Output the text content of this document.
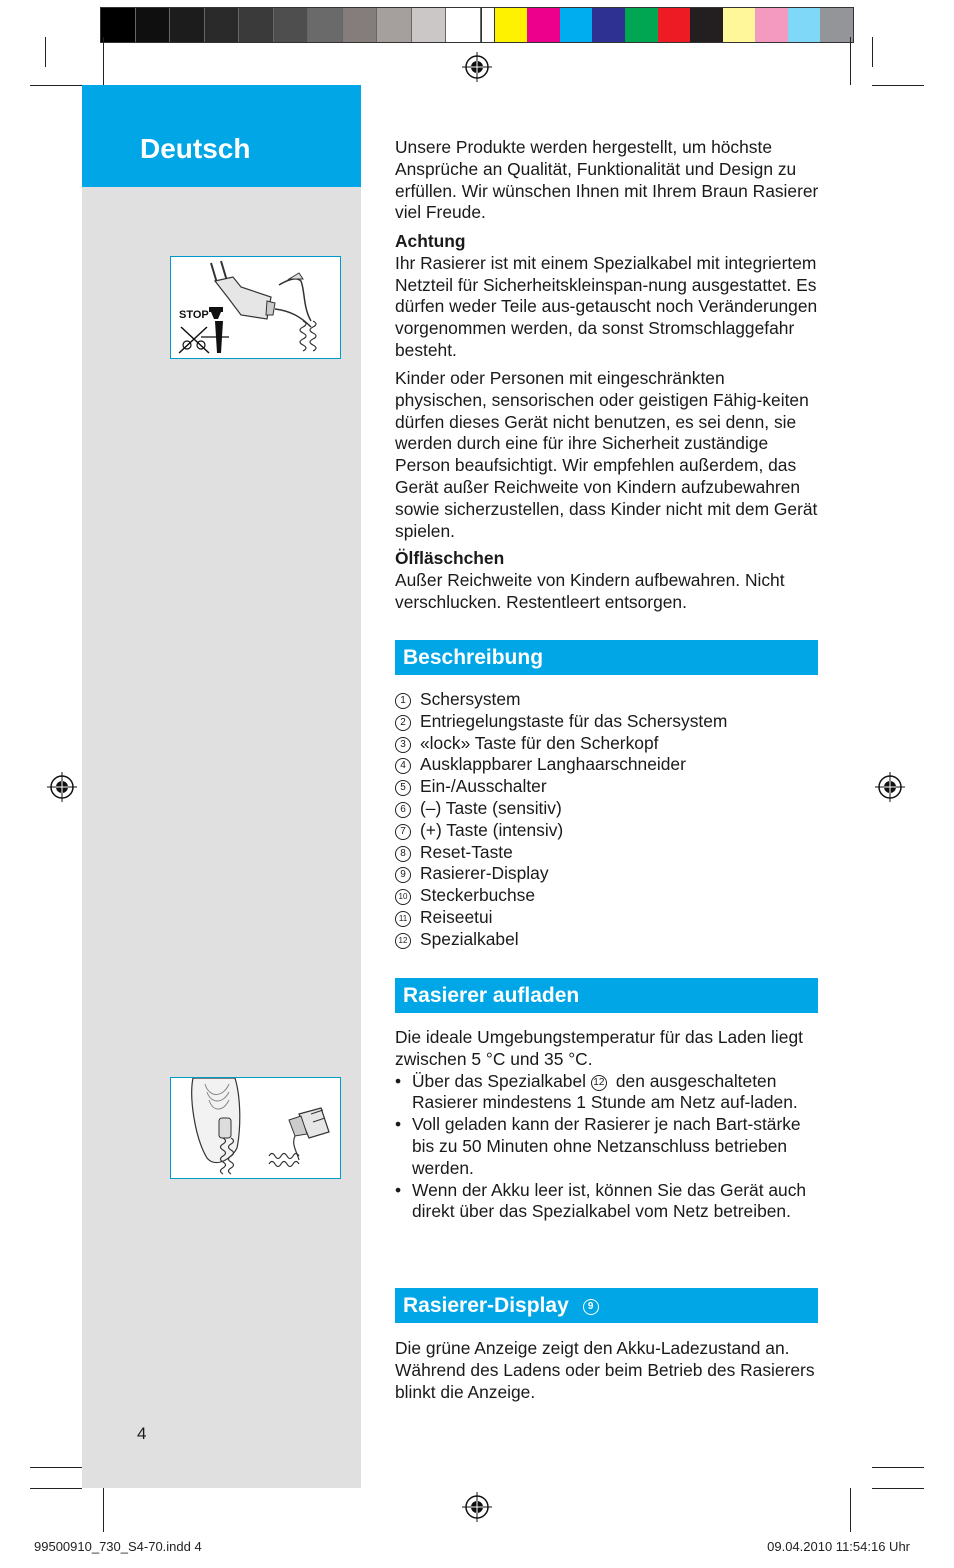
Deutsch
STOP

Unsere Produkte werden hergestellt, um höchste Ansprüche an Qualität, Funktionalität und Design zu erfüllen. Wir wünschen Ihnen mit Ihrem Braun Rasierer viel Freude.

Achtung

Ihr Rasierer ist mit einem Spezialkabel mit integriertem Netzteil für Sicherheitskleinspan-nung ausgestattet. Es dürfen weder Teile aus-getauscht noch Veränderungen vorgenommen werden, da sonst Stromschlaggefahr besteht.

Kinder oder Personen mit eingeschränkten physischen, sensorischen oder geistigen Fähig-keiten dürfen dieses Gerät nicht benutzen, es sei denn, sie werden durch eine für ihre Sicherheit zuständige Person beaufsichtigt. Wir empfehlen außerdem, das Gerät außer Reichweite von Kindern aufzubewahren sowie sicherzustellen, dass Kinder nicht mit dem Gerät spielen.

Ölfläschchen

Außer Reichweite von Kindern aufbewahren. Nicht verschlucken. Restentleert entsorgen.

Beschreibung
1 Schersystem
2 Entriegelungstaste für das Schersystem
3 «lock» Taste für den Scherkopf
4 Ausklappbarer Langhaarschneider
5 Ein-/Ausschalter
6 (–) Taste (sensitiv)
7 (+) Taste (intensiv)
8 Reset-Taste
9 Rasierer-Display
10 Steckerbuchse
11 Reiseetui
12 Spezialkabel
Rasierer aufladen

Die ideale Umgebungstemperatur für das Laden liegt zwischen 5 °C und 35 °C.

• Über das Spezialkabel 12 den ausgeschalteten Rasierer mindestens 1 Stunde am Netz auf-laden.

• Voll geladen kann der Rasierer je nach Bart-stärke bis zu 50 Minuten ohne Netzanschluss betrieben werden.

• Wenn der Akku leer ist, können Sie das Gerät auch direkt über das Spezialkabel vom Netz betreiben.

Rasierer-Display 9

Die grüne Anzeige zeigt den Akku-Ladezustand an. Während des Ladens oder beim Betrieb des Rasierers blinkt die Anzeige.

4
99500910_730_S4-70.indd 4	09.04.2010 11:54:16 Uhr
